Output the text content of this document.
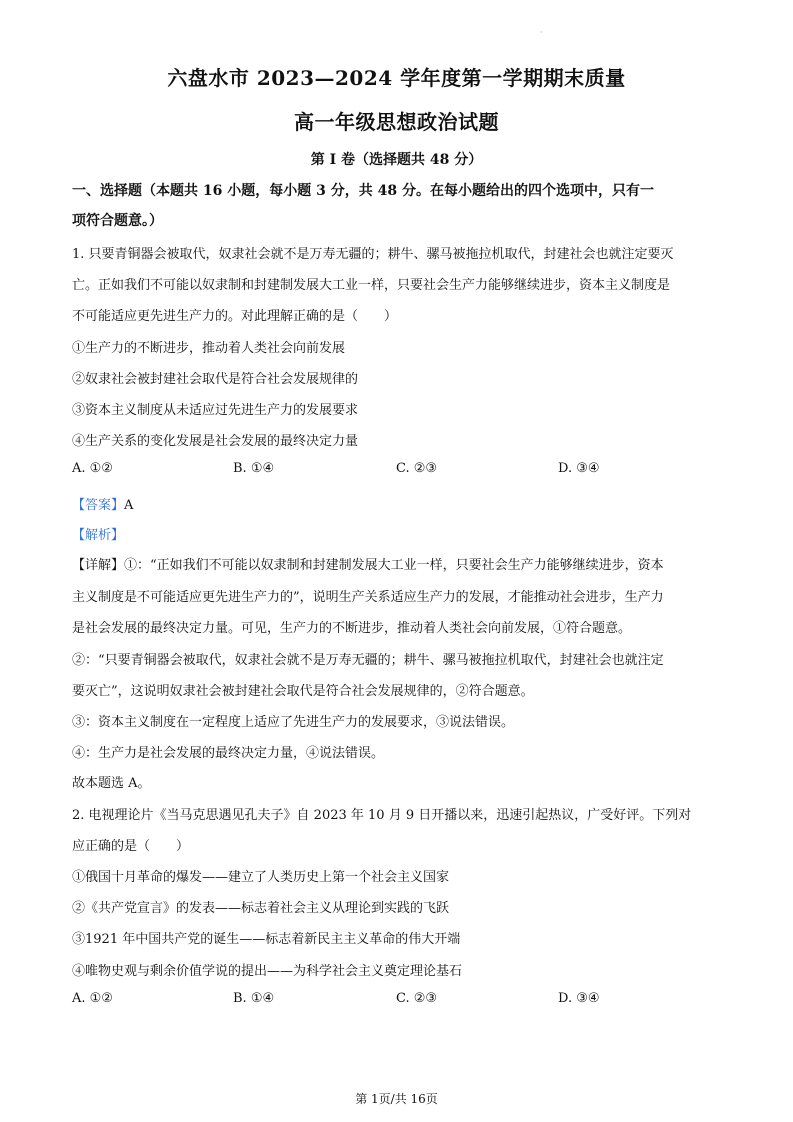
·
六盘水市 2023—2024 学年度第一学期期末质量
高一年级思想政治试题
第 I 卷（选择题共 48 分）
一、选择题（本题共 16 小题，每小题 3 分，共 48 分。在每小题给出的四个选项中，只有一
项符合题意。）
1. 只要青铜器会被取代，奴隶社会就不是万寿无疆的；耕牛、骡马被拖拉机取代，封建社会也就注定要灭
亡。正如我们不可能以奴隶制和封建制发展大工业一样，只要社会生产力能够继续进步，资本主义制度是
不可能适应更先进生产力的。对此理解正确的是（　　）
①生产力的不断进步，推动着人类社会向前发展
②奴隶社会被封建社会取代是符合社会发展规律的
③资本主义制度从未适应过先进生产力的发展要求
④生产关系的变化发展是社会发展的最终决定力量
A. ①②	B. ①④	C. ②③	D. ③④
【答案】A
【解析】
【详解】①：“正如我们不可能以奴隶制和封建制发展大工业一样，只要社会生产力能够继续进步，资本
主义制度是不可能适应更先进生产力的”，说明生产关系适应生产力的发展，才能推动社会进步，生产力
是社会发展的最终决定力量。可见，生产力的不断进步，推动着人类社会向前发展，①符合题意。
②：“只要青铜器会被取代，奴隶社会就不是万寿无疆的；耕牛、骡马被拖拉机取代，封建社会也就注定
要灭亡”，这说明奴隶社会被封建社会取代是符合社会发展规律的，②符合题意。
③：资本主义制度在一定程度上适应了先进生产力的发展要求，③说法错误。
④：生产力是社会发展的最终决定力量，④说法错误。
故本题选 A。
2. 电视理论片《当马克思遇见孔夫子》自 2023 年 10 月 9 日开播以来，迅速引起热议，广受好评。下列对
应正确的是（　　）
①俄国十月革命的爆发——建立了人类历史上第一个社会主义国家
②《共产党宣言》的发表——标志着社会主义从理论到实践的飞跃
③1921 年中国共产党的诞生——标志着新民主主义革命的伟大开端
④唯物史观与剩余价值学说的提出——为科学社会主义奠定理论基石
A. ①②	B. ①④	C. ②③	D. ③④
第 1页/共 16页
